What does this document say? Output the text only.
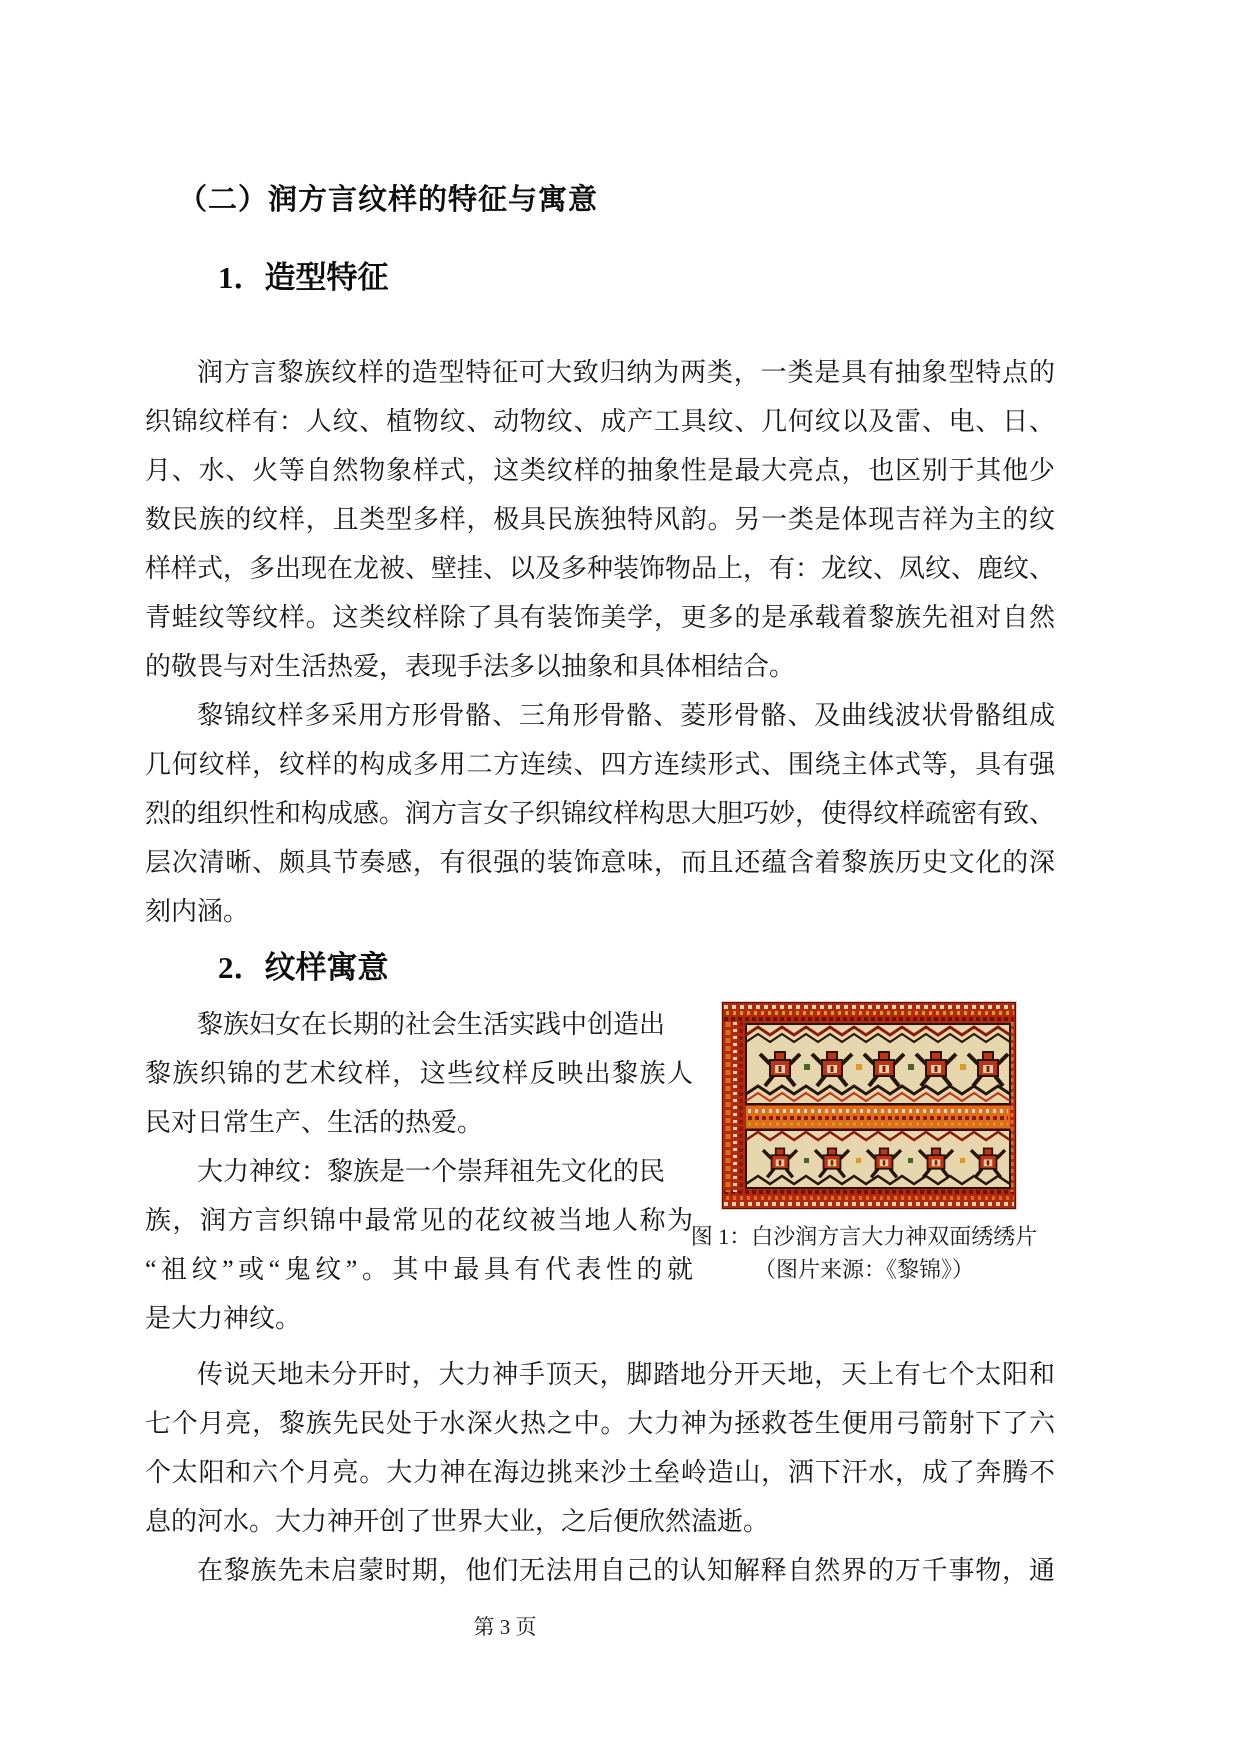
（二）润方言纹样的特征与寓意
1．造型特征
润方言黎族纹样的造型特征可大致归纳为两类，一类是具有抽象型特点的
织锦纹样有：人纹、植物纹、动物纹、成产工具纹、几何纹以及雷、电、日、
月、水、火等自然物象样式，这类纹样的抽象性是最大亮点，也区别于其他少
数民族的纹样，且类型多样，极具民族独特风韵。另一类是体现吉祥为主的纹
样样式，多出现在龙被、壁挂、以及多种装饰物品上，有：龙纹、凤纹、鹿纹、
青蛙纹等纹样。这类纹样除了具有装饰美学，更多的是承载着黎族先祖对自然
的敬畏与对生活热爱，表现手法多以抽象和具体相结合。
黎锦纹样多采用方形骨骼、三角形骨骼、菱形骨骼、及曲线波状骨骼组成
几何纹样，纹样的构成多用二方连续、四方连续形式、围绕主体式等，具有强
烈的组织性和构成感。润方言女子织锦纹样构思大胆巧妙，使得纹样疏密有致、
层次清晰、颇具节奏感，有很强的装饰意味，而且还蕴含着黎族历史文化的深
刻内涵。
2．纹样寓意
黎族妇女在长期的社会生活实践中创造出
黎族织锦的艺术纹样，这些纹样反映出黎族人
民对日常生产、生活的热爱。
大力神纹：黎族是一个崇拜祖先文化的民
族，润方言织锦中最常见的花纹被当地人称为
“祖纹”或“鬼纹”。其中最具有代表性的就
是大力神纹。
图 1：白沙润方言大力神双面绣绣片
（图片来源：《黎锦》）
传说天地未分开时，大力神手顶天，脚踏地分开天地，天上有七个太阳和
七个月亮，黎族先民处于水深火热之中。大力神为拯救苍生便用弓箭射下了六
个太阳和六个月亮。大力神在海边挑来沙土垒岭造山，洒下汗水，成了奔腾不
息的河水。大力神开创了世界大业，之后便欣然溘逝。
在黎族先未启蒙时期，他们无法用自己的认知解释自然界的万千事物，通
第 3 页
